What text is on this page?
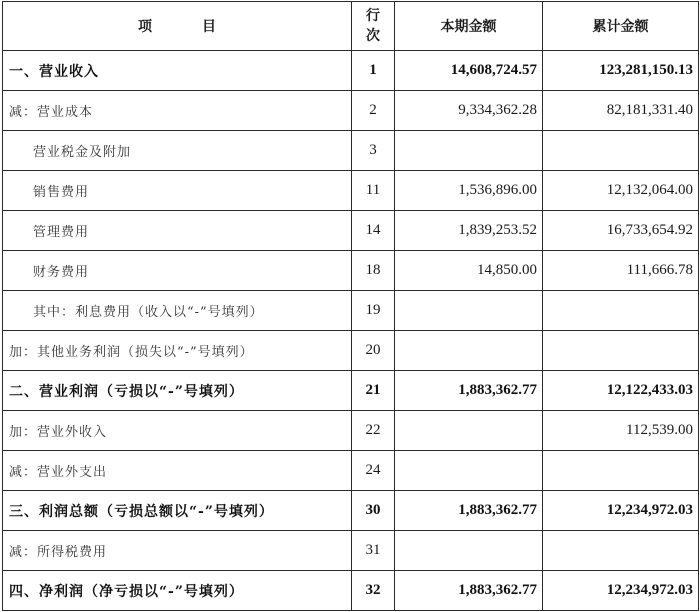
项 目	行
次	本期金额	累计金额
一、营业收入	1	14,608,724.57	123,281,150.13
减：营业成本	2	9,334,362.28	82,181,331.40
营业税金及附加	3		
销售费用	11	1,536,896.00	12,132,064.00
管理费用	14	1,839,253.52	16,733,654.92
财务费用	18	14,850.00	111,666.78
其中：利息费用（收入以“-”号填列）	19		
加：其他业务利润（损失以“-”号填列）	20		
二、营业利润（亏损以“-”号填列）	21	1,883,362.77	12,122,433.03
加：营业外收入	22		112,539.00
减：营业外支出	24		
三、利润总额（亏损总额以“-”号填列）	30	1,883,362.77	12,234,972.03
减：所得税费用	31		
四、净利润（净亏损以“-”号填列）	32	1,883,362.77	12,234,972.03
